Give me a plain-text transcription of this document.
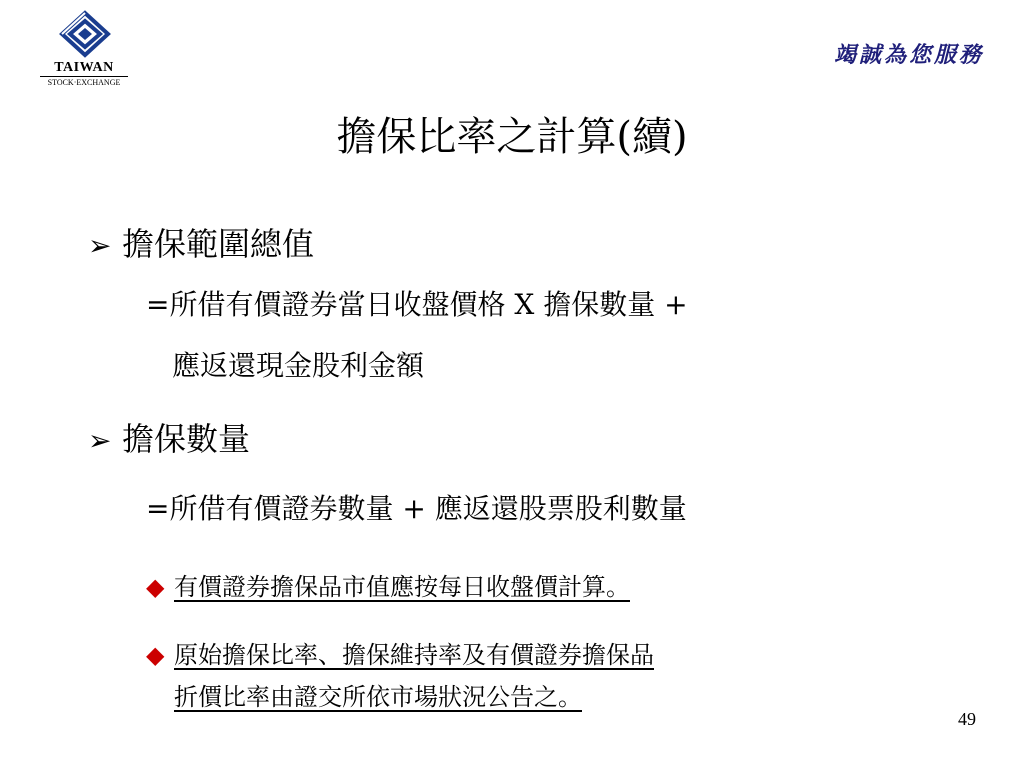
TAIWAN
STOCK·EXCHANGE
竭誠為您服務
擔保比率之計算(續)
➢ 擔保範圍總值
=所借有價證券當日收盤價格 X 擔保數量 +
應返還現金股利金額
➢ 擔保數量
=所借有價證券數量 + 應返還股票股利數量
◆ 有價證券擔保品市值應按每日收盤價計算。
◆ 原始擔保比率、擔保維持率及有價證券擔保品
折價比率由證交所依市場狀況公告之。
49
